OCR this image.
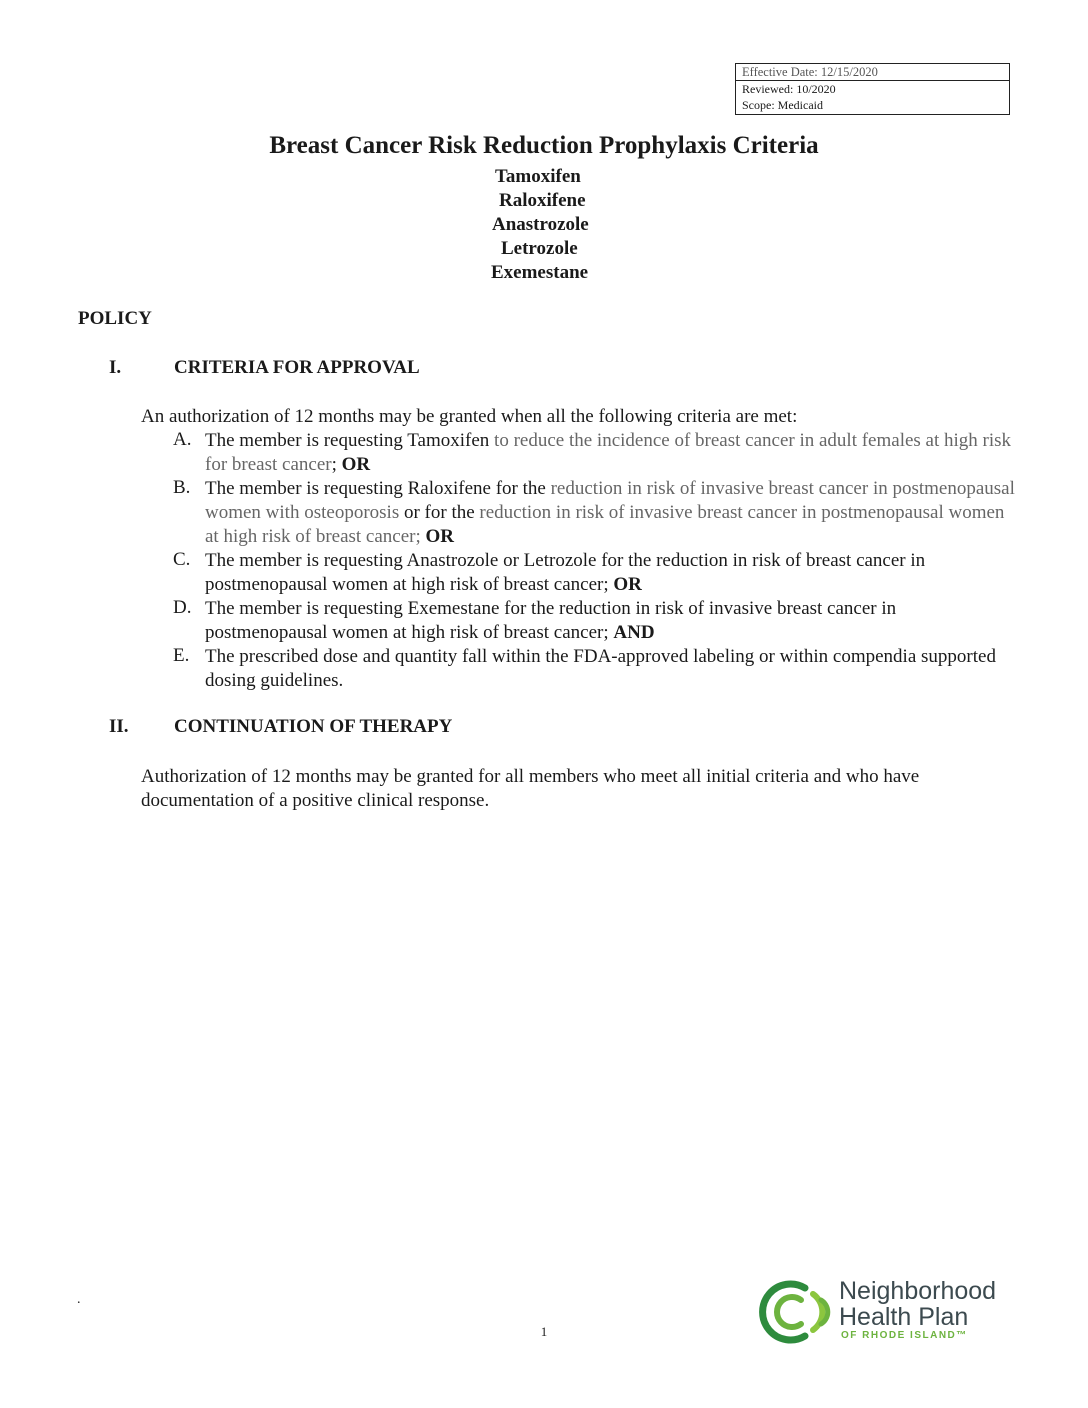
Effective Date: 12/15/2020
Reviewed: 10/2020
Scope: Medicaid
Breast Cancer Risk Reduction Prophylaxis Criteria
Tamoxifen
Raloxifene
Anastrozole
Letrozole
Exemestane
POLICY
I.	CRITERIA FOR APPROVAL
An authorization of 12 months may be granted when all the following criteria are met:
A. The member is requesting Tamoxifen to reduce the incidence of breast cancer in adult females at high risk for breast cancer; OR
B. The member is requesting Raloxifene for the reduction in risk of invasive breast cancer in postmenopausal women with osteoporosis or for the reduction in risk of invasive breast cancer in postmenopausal women at high risk of breast cancer; OR
C. The member is requesting Anastrozole or Letrozole for the reduction in risk of breast cancer in postmenopausal women at high risk of breast cancer; OR
D. The member is requesting Exemestane for the reduction in risk of invasive breast cancer in postmenopausal women at high risk of breast cancer; AND
E. The prescribed dose and quantity fall within the FDA-approved labeling or within compendia supported dosing guidelines.
II. CONTINUATION OF THERAPY
Authorization of 12 months may be granted for all members who meet all initial criteria and who have documentation of a positive clinical response.
.
1
Neighborhood
Health Plan
OF RHODE ISLAND™
